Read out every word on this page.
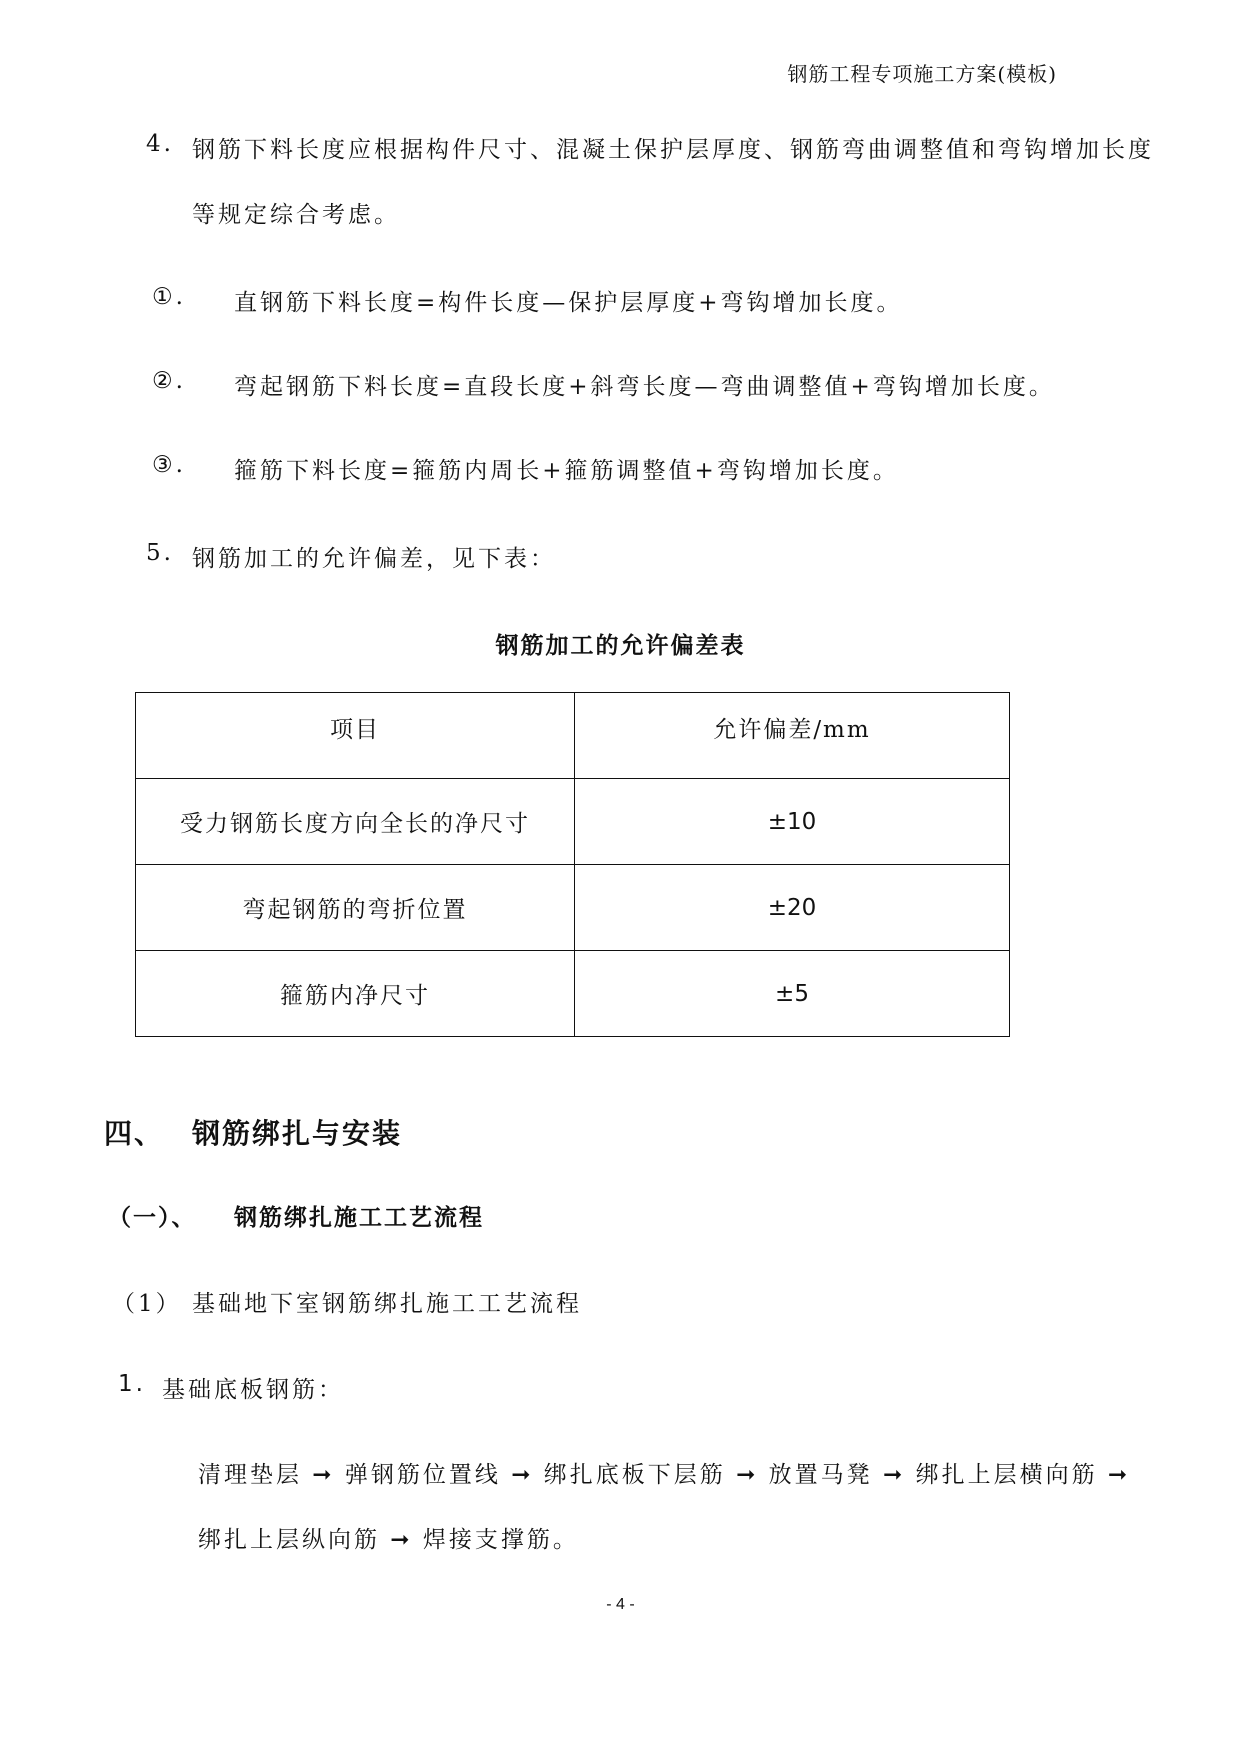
钢筋工程专项施工方案(模板)
4. 钢筋下料长度应根据构件尺寸、混凝土保护层厚度、钢筋弯曲调整值和弯钩增加长度
等规定综合考虑。
①. 直钢筋下料长度=构件长度—保护层厚度+弯钩增加长度。
②. 弯起钢筋下料长度=直段长度+斜弯长度—弯曲调整值+弯钩增加长度。
③. 箍筋下料长度=箍筋内周长+箍筋调整值+弯钩增加长度。
5. 钢筋加工的允许偏差，见下表：
钢筋加工的允许偏差表
项目	允许偏差/mm
受力钢筋长度方向全长的净尺寸	±10
弯起钢筋的弯折位置	±20
箍筋内净尺寸	±5
四、 钢筋绑扎与安装
（一）、 钢筋绑扎施工工艺流程
（1） 基础地下室钢筋绑扎施工工艺流程
1. 基础底板钢筋：
清理垫层 ➞ 弹钢筋位置线 ➞ 绑扎底板下层筋 ➞ 放置马凳 ➞ 绑扎上层横向筋 ➞
绑扎上层纵向筋 ➞ 焊接支撑筋。
- 4 -
